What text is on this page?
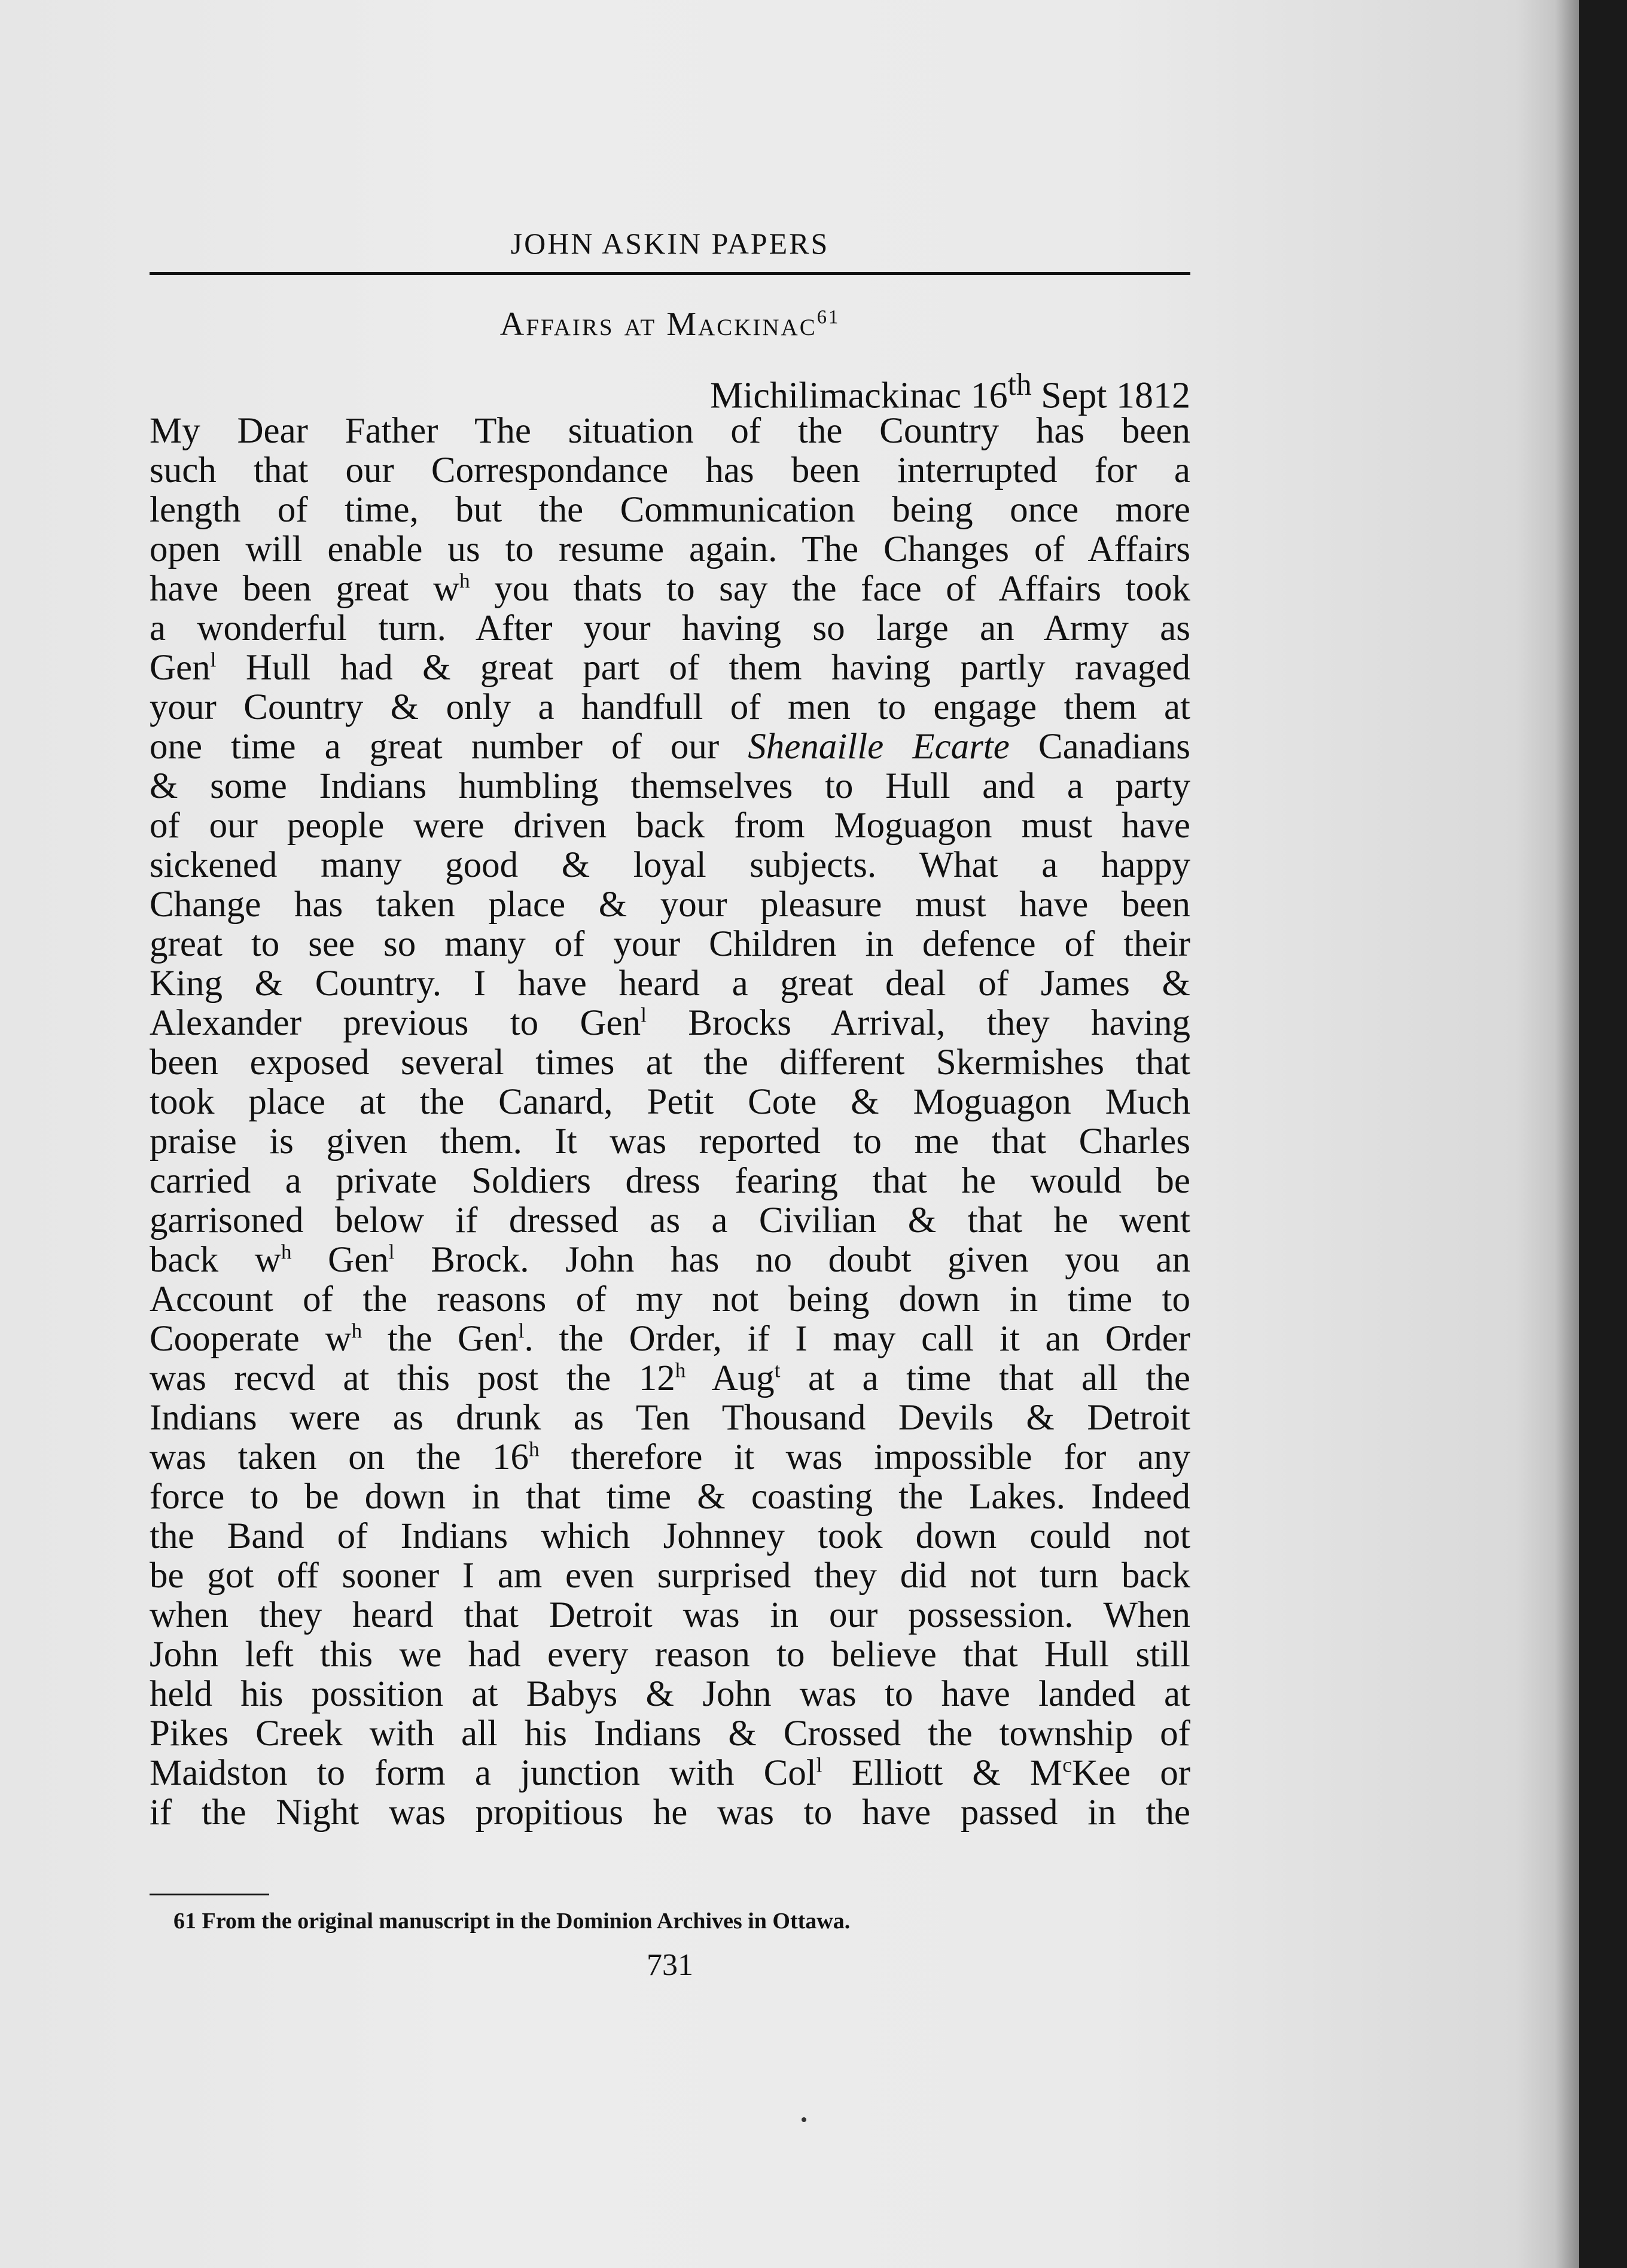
JOHN ASKIN PAPERS
Affairs at Mackinac$^{61}$
Michilimackinac 16th Sept 1812
My Dear Father The situation of the Country has been
such that our Correspondance has been interrupted for a
length of time, but the Communication being once more
open will enable us to resume again. The Changes of Affairs
have been great $w^h$ you thats to say the face of Affairs took
a wonderful turn. After your having so large an Army as
Gen$^l$ Hull had & great part of them having partly ravaged
your Country & only a handfull of men to engage them at
one time a great number of our Shenaille Ecarte Canadians
& some Indians humbling themselves to Hull and a party
of our people were driven back from Moguagon must have
sickened many good & loyal subjects. What a happy
Change has taken place & your pleasure must have been
great to see so many of your Children in defence of their
King & Country. I have heard a great deal of James &
Alexander previous to Gen$^l$ Brocks Arrival, they having
been exposed several times at the different Skermishes that
took place at the Canard, Petit Cote & Moguagon Much
praise is given them. It was reported to me that Charles
carried a private Soldiers dress fearing that he would be
garrisoned below if dressed as a Civilian & that he went
back $w^h$ Gen$^l$ Brock. John has no doubt given you an
Account of the reasons of my not being down in time to
Cooperate $w^h$ the Gen$^l$. the Order, if I may call it an Order
was recvd at this post the 12$^h$ Aug$^t$ at a time that all the
Indians were as drunk as Ten Thousand Devils & Detroit
was taken on the 16$^h$ therefore it was impossible for any
force to be down in that time & coasting the Lakes. Indeed
the Band of Indians which Johnney took down could not
be got off sooner I am even surprised they did not turn back
when they heard that Detroit was in our possession. When
John left this we had every reason to believe that Hull still
held his possition at Babys & John was to have landed at
Pikes Creek with all his Indians & Crossed the township of
Maidston to form a junction with Col$^l$ Elliott & $M^cKee$ or
if the Night was propitious he was to have passed in the
61 From the original manuscript in the Dominion Archives in Ottawa.
731
